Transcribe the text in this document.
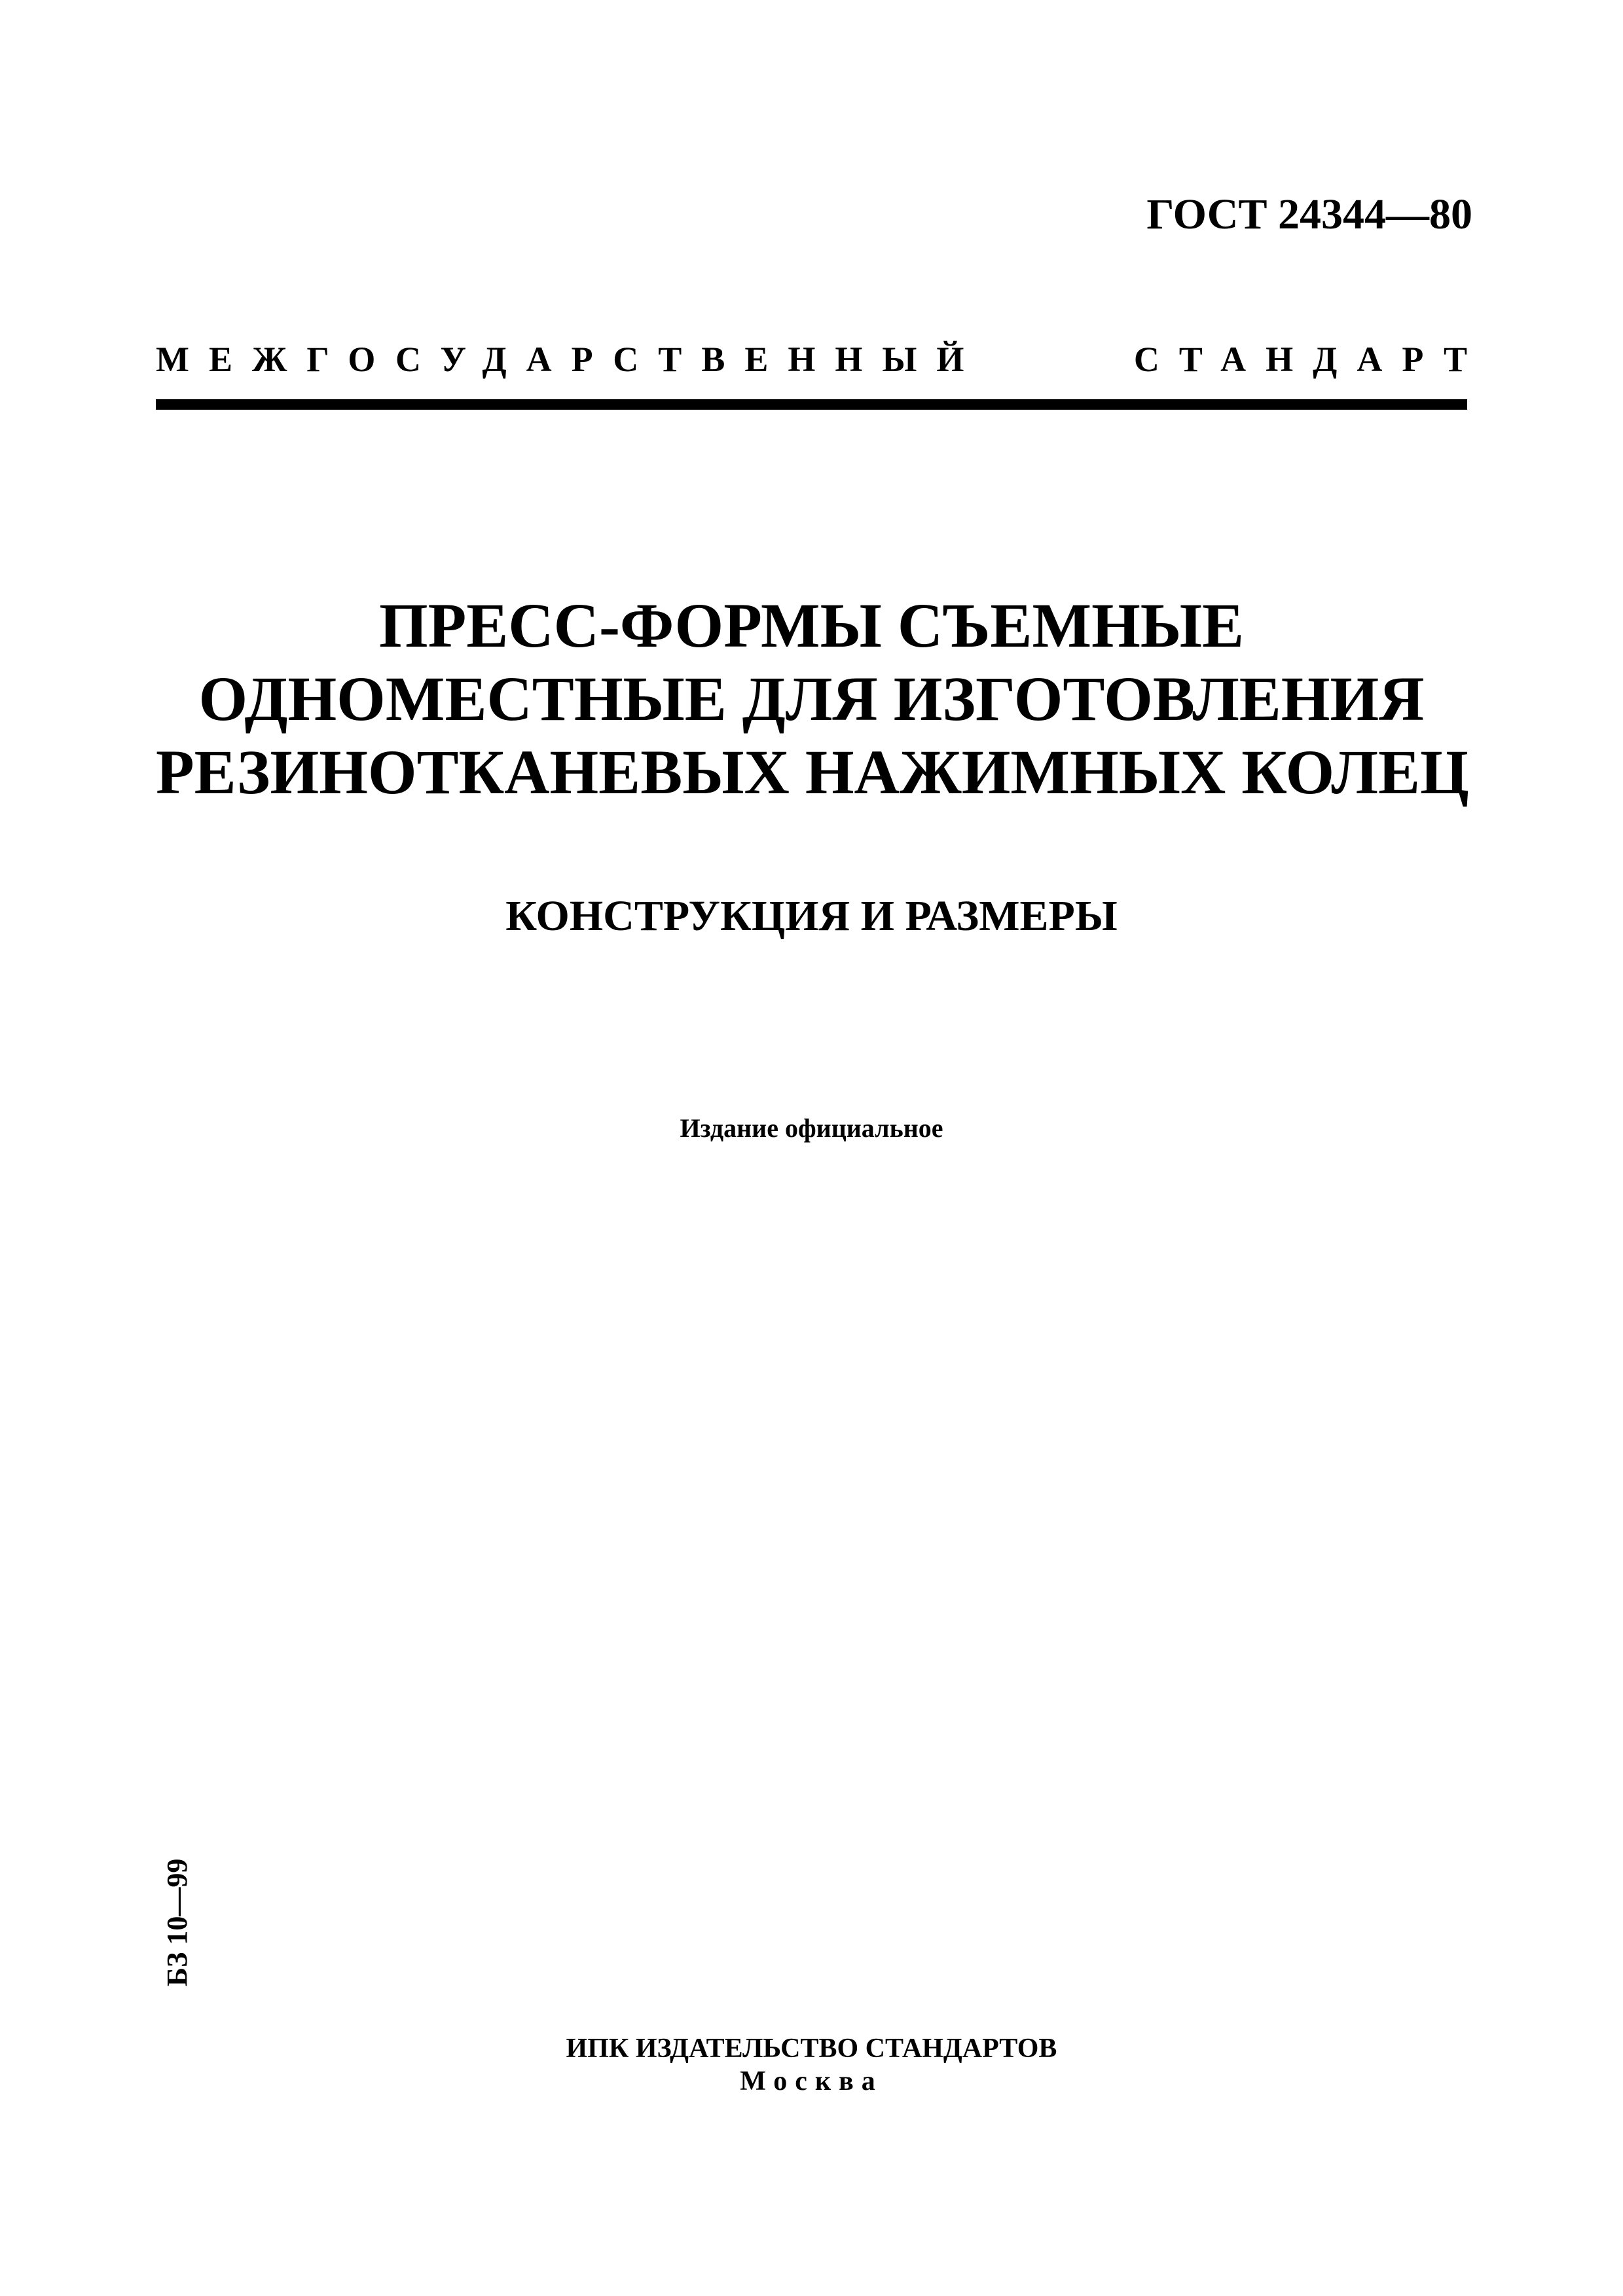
ГОСТ 24344—80
МЕЖГОСУДАРСТВЕННЫЙ	СТАНДАРТ
ПРЕСС-ФОРМЫ СЪЕМНЫЕ
ОДНОМЕСТНЫЕ ДЛЯ ИЗГОТОВЛЕНИЯ
РЕЗИНОТКАНЕВЫХ НАЖИМНЫХ КОЛЕЦ
КОНСТРУКЦИЯ И РАЗМЕРЫ
Издание официальное
БЗ 10—99
ИПК ИЗДАТЕЛЬСТВО СТАНДАРТОВ
Москва
